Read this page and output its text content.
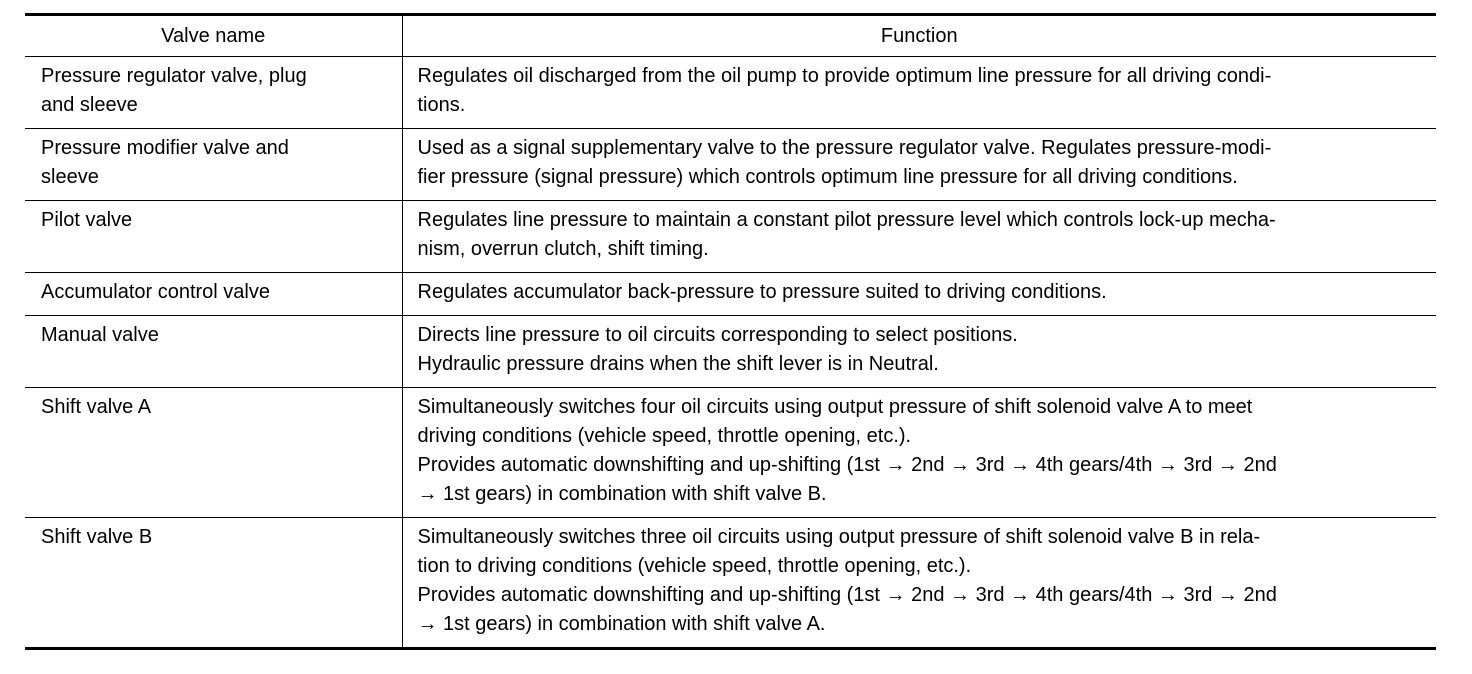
Valve name	Function

Pressure regulator valve, plug
and sleeve	Regulates oil discharged from the oil pump to provide optimum line pressure for all driving condi-
tions.

Pressure modifier valve and
sleeve	Used as a signal supplementary valve to the pressure regulator valve. Regulates pressure-modi-
fier pressure (signal pressure) which controls optimum line pressure for all driving conditions.

Pilot valve	Regulates line pressure to maintain a constant pilot pressure level which controls lock-up mecha-
nism, overrun clutch, shift timing.

Accumulator control valve	Regulates accumulator back-pressure to pressure suited to driving conditions.

Manual valve	Directs line pressure to oil circuits corresponding to select positions.
Hydraulic pressure drains when the shift lever is in Neutral.

Shift valve A	Simultaneously switches four oil circuits using output pressure of shift solenoid valve A to meet
driving conditions (vehicle speed, throttle opening, etc.).
Provides automatic downshifting and up-shifting (1st → 2nd → 3rd → 4th gears/4th → 3rd → 2nd
→ 1st gears) in combination with shift valve B.

Shift valve B	Simultaneously switches three oil circuits using output pressure of shift solenoid valve B in rela-
tion to driving conditions (vehicle speed, throttle opening, etc.).
Provides automatic downshifting and up-shifting (1st → 2nd → 3rd → 4th gears/4th → 3rd → 2nd
→ 1st gears) in combination with shift valve A.
